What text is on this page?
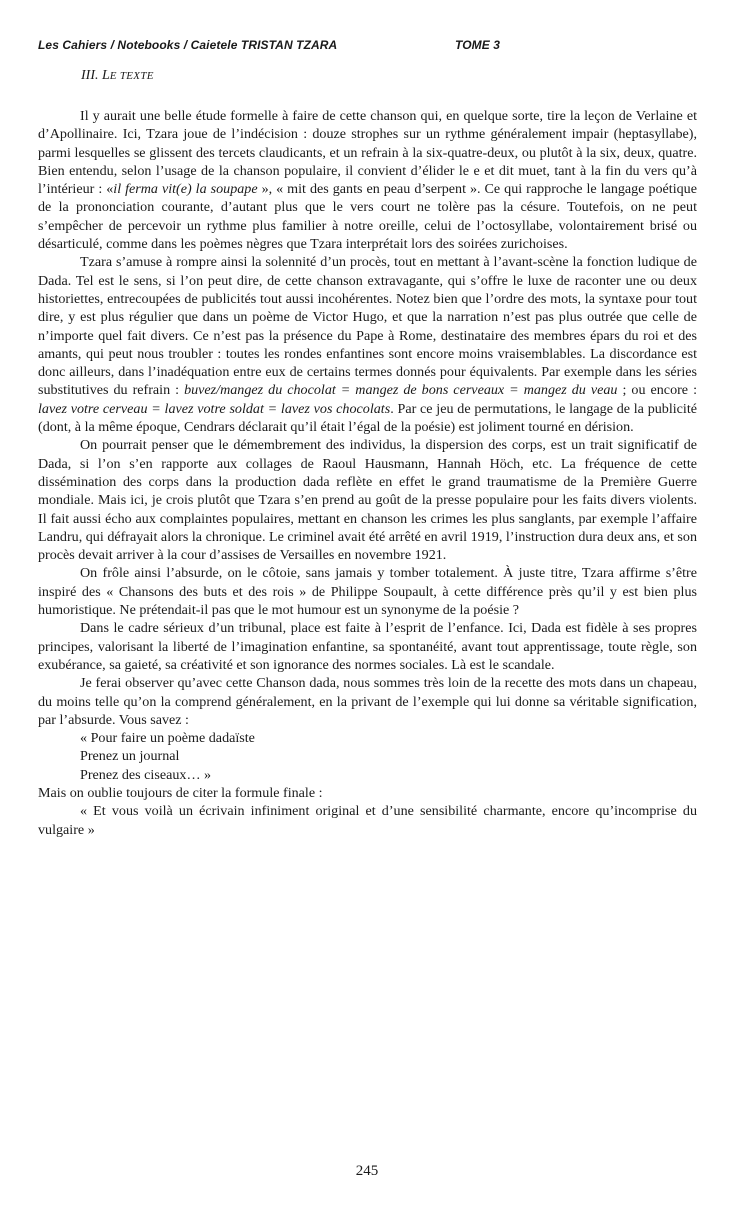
Les Cahiers / Notebooks / Caietele TRISTAN TZARA	TOME 3
III. LE TEXTE

Il y aurait une belle étude formelle à faire de cette chanson qui, en quelque sorte, tire la leçon de Verlaine et d’Apollinaire. Ici, Tzara joue de l’indécision : douze strophes sur un rythme généralement impair (heptasyllabe), parmi lesquelles se glissent des tercets claudicants, et un refrain à la six-quatre-deux, ou plutôt à la six, deux, quatre. Bien entendu, selon l’usage de la chanson populaire, il convient d’élider le e et dit muet, tant à la fin du vers qu’à l’intérieur : «il ferma vit(e) la soupape », « mit des gants en peau d’serpent ». Ce qui rapproche le langage poétique de la prononciation courante, d’autant plus que le vers court ne tolère pas la césure. Toutefois, on ne peut s’empêcher de percevoir un rythme plus familier à notre oreille, celui de l’octosyllabe, volontairement brisé ou désarticulé, comme dans les poèmes nègres que Tzara interprétait lors des soirées zurichoises.

Tzara s’amuse à rompre ainsi la solennité d’un procès, tout en mettant à l’avant-scène la fonction ludique de Dada. Tel est le sens, si l’on peut dire, de cette chanson extravagante, qui s’offre le luxe de raconter une ou deux historiettes, entrecoupées de publicités tout aussi incohérentes. Notez bien que l’ordre des mots, la syntaxe pour tout dire, y est plus régulier que dans un poème de Victor Hugo, et que la narration n’est pas plus outrée que celle de n’importe quel fait divers. Ce n’est pas la présence du Pape à Rome, destinataire des membres épars du roi et des amants, qui peut nous troubler : toutes les rondes enfantines sont encore moins vraisemblables. La discordance est donc ailleurs, dans l’inadéquation entre eux de certains termes donnés pour équivalents. Par exemple dans les séries substitutives du refrain : buvez/mangez du chocolat = mangez de bons cerveaux = mangez du veau ; ou encore : lavez votre cerveau = lavez votre soldat = lavez vos chocolats. Par ce jeu de permutations, le langage de la publicité (dont, à la même époque, Cendrars déclarait qu’il était l’égal de la poésie) est joliment tourné en dérision.

On pourrait penser que le démembrement des individus, la dispersion des corps, est un trait significatif de Dada, si l’on s’en rapporte aux collages de Raoul Hausmann, Hannah Höch, etc. La fréquence de cette dissémination des corps dans la production dada reflète en effet le grand traumatisme de la Première Guerre mondiale. Mais ici, je crois plutôt que Tzara s’en prend au goût de la presse populaire pour les faits divers violents. Il fait aussi écho aux complaintes populaires, mettant en chanson les crimes les plus sanglants, par exemple l’affaire Landru, qui défrayait alors la chronique. Le criminel avait été arrêté en avril 1919, l’instruction dura deux ans, et son procès devait arriver à la cour d’assises de Versailles en novembre 1921.

On frôle ainsi l’absurde, on le côtoie, sans jamais y tomber totalement. À juste titre, Tzara affirme s’être inspiré des « Chansons des buts et des rois » de Philippe Soupault, à cette différence près qu’il y est bien plus humoristique. Ne prétendait-il pas que le mot humour est un synonyme de la poésie ?

Dans le cadre sérieux d’un tribunal, place est faite à l’esprit de l’enfance. Ici, Dada est fidèle à ses propres principes, valorisant la liberté de l’imagination enfantine, sa spontanéité, avant tout apprentissage, toute règle, son exubérance, sa gaieté, sa créativité et son ignorance des normes sociales. Là est le scandale.

Je ferai observer qu’avec cette Chanson dada, nous sommes très loin de la recette des mots dans un chapeau, du moins telle qu’on la comprend généralement, en la privant de l’exemple qui lui donne sa véritable signification, par l’absurde. Vous savez :

« Pour faire un poème dadaïste

Prenez un journal

Prenez des ciseaux… »

Mais on oublie toujours de citer la formule finale :

« Et vous voilà un écrivain infiniment original et d’une sensibilité charmante, encore qu’incomprise du vulgaire »

245
